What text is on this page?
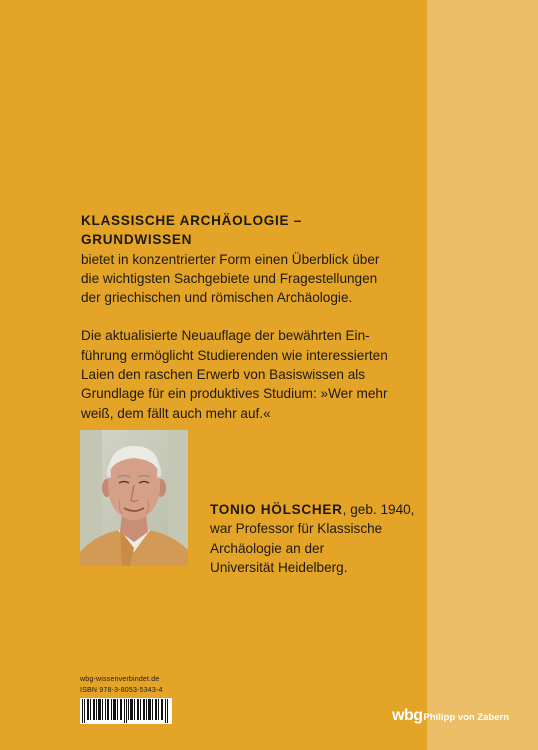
KLASSISCHE ARCHÄOLOGIE – GRUNDWISSEN
bietet in konzentrierter Form einen Überblick über
die wichtigsten Sachgebiete und Fragestellungen
der griechischen und römischen Archäologie.

Die aktualisierte Neuauflage der bewährten Ein-
führung ermöglicht Studierenden wie interessierten
Laien den raschen Erwerb von Basiswissen als
Grundlage für ein produktives Studium: »Wer mehr
weiß, dem fällt auch mehr auf.«

TONIO HÖLSCHER, geb. 1940,
war Professor für Klassische
Archäologie an der
Universität Heidelberg.
wbg-wissenverbindet.de
ISBN 978-3-8053-5343-4
wbg Philipp von Zabern
